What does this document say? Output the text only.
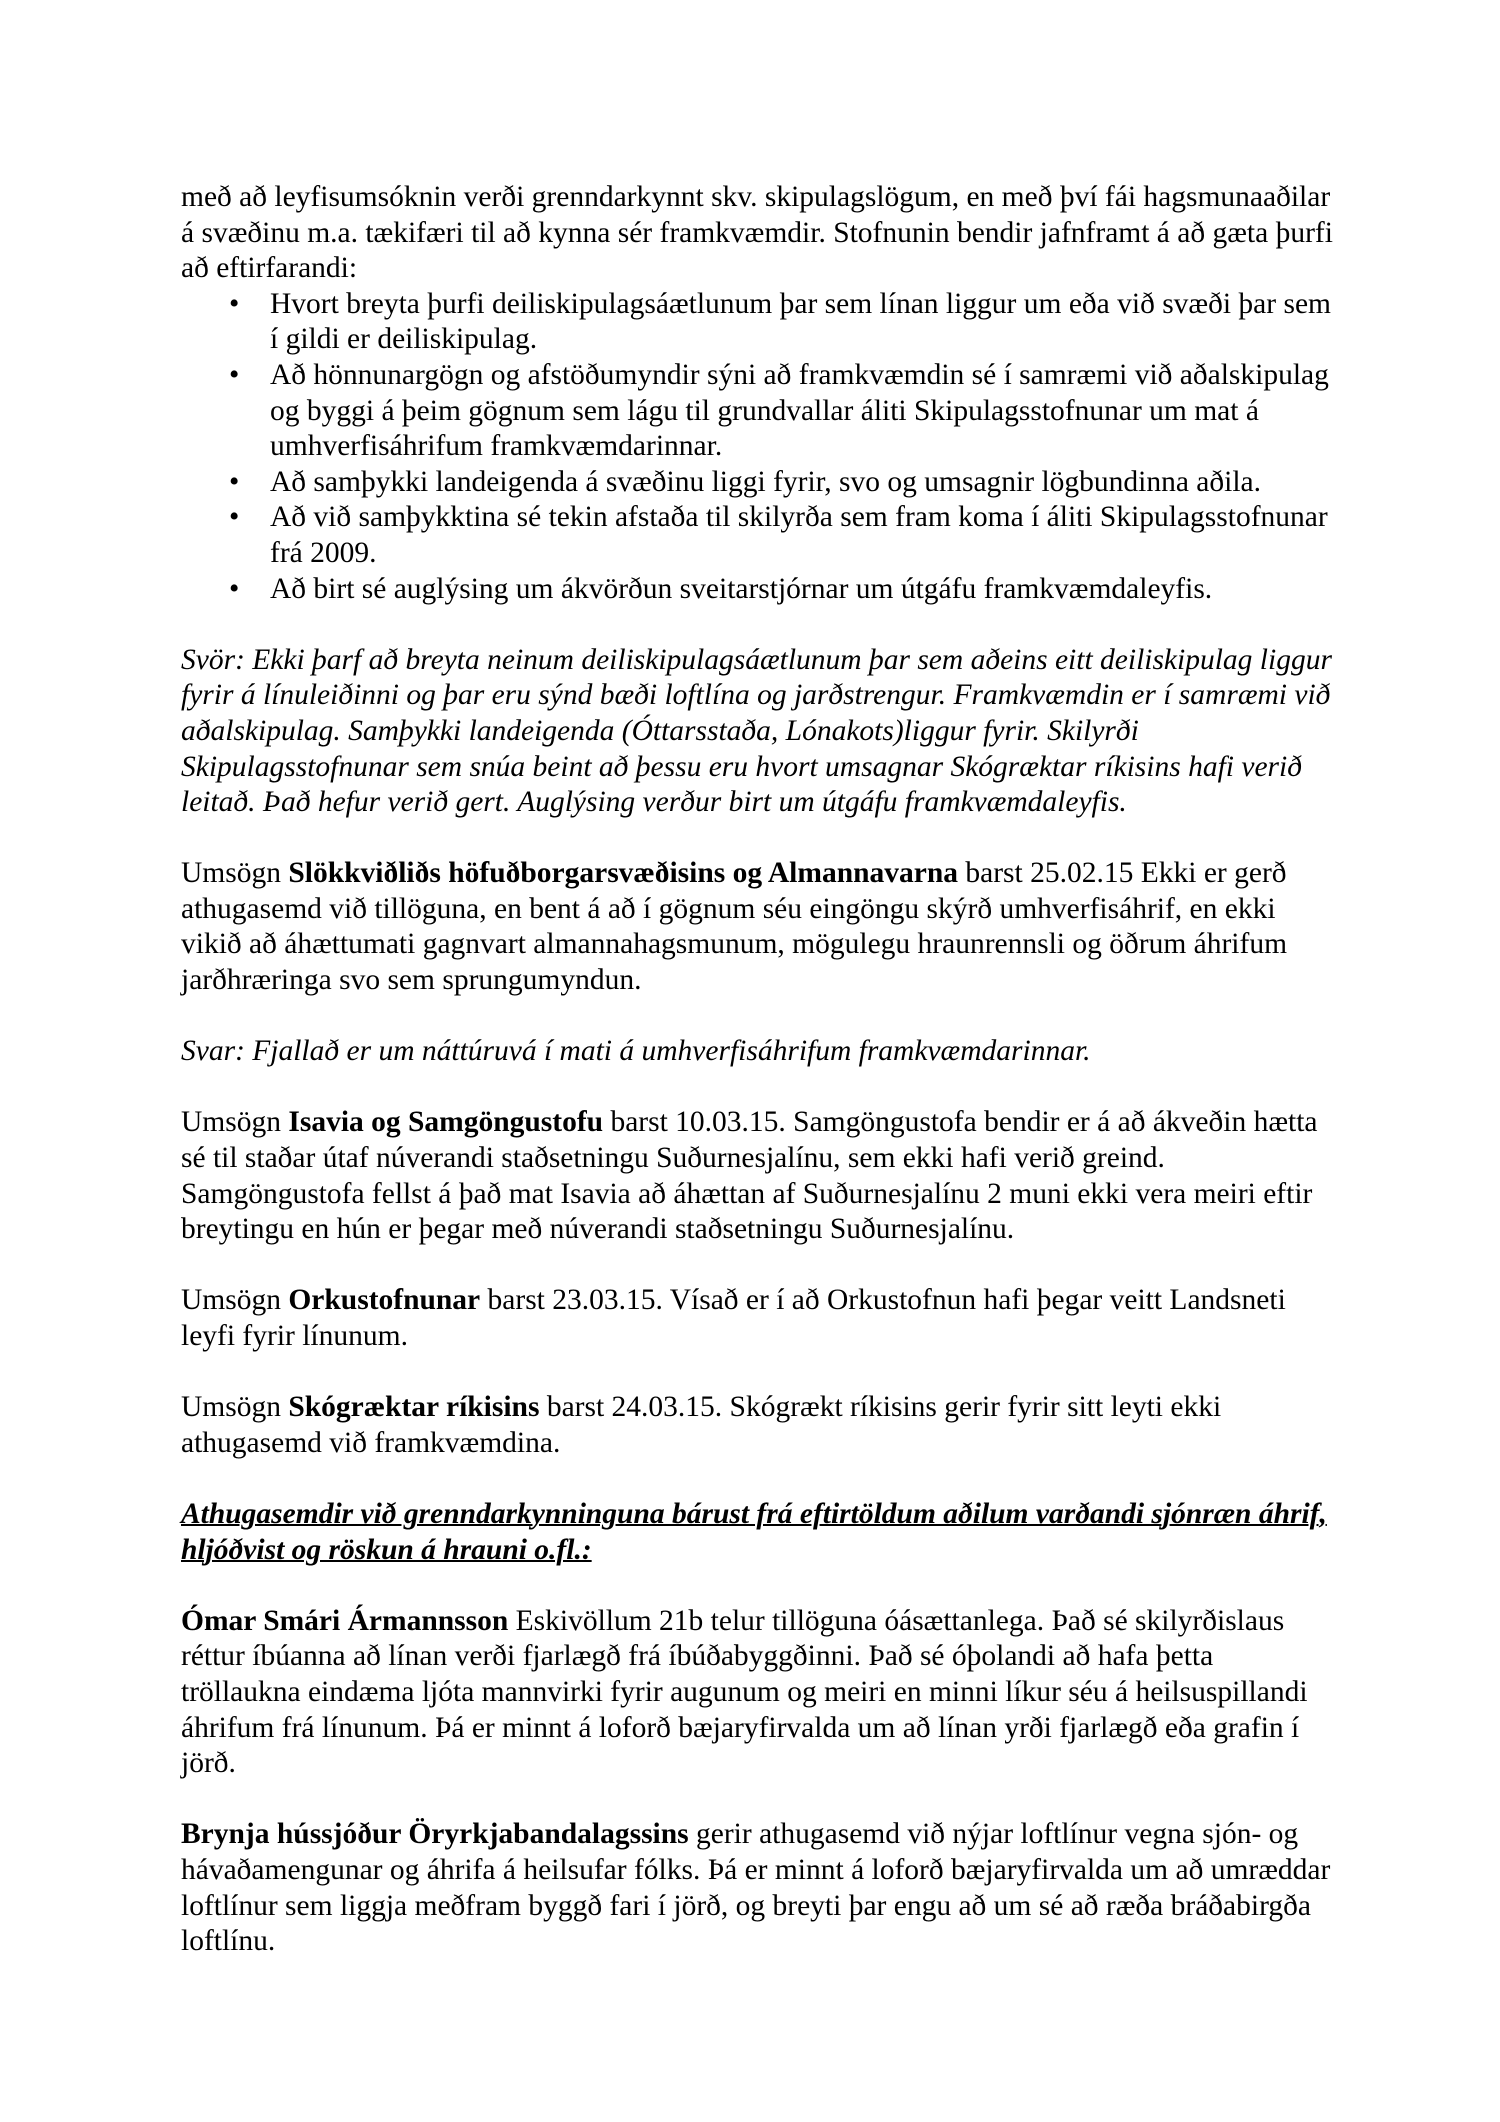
með að leyfisumsóknin verði grenndarkynnt skv. skipulagslögum, en með því fái hagsmunaaðilar á svæðinu m.a. tækifæri til að kynna sér framkvæmdir. Stofnunin bendir jafnframt á að gæta þurfi að eftirfarandi:

• Hvort breyta þurfi deiliskipulagsáætlunum þar sem línan liggur um eða við svæði þar sem í gildi er deiliskipulag.
• Að hönnunargögn og afstöðumyndir sýni að framkvæmdin sé í samræmi við aðalskipulag og byggi á þeim gögnum sem lágu til grundvallar áliti Skipulagsstofnunar um mat á umhverfisáhrifum framkvæmdarinnar.
• Að samþykki landeigenda á svæðinu liggi fyrir, svo og umsagnir lögbundinna aðila.
• Að við samþykktina sé tekin afstaða til skilyrða sem fram koma í áliti Skipulagsstofnunar frá 2009.
• Að birt sé auglýsing um ákvörðun sveitarstjórnar um útgáfu framkvæmdaleyfis.

Svör: Ekki þarf að breyta neinum deiliskipulagsáætlunum þar sem aðeins eitt deiliskipulag liggur fyrir á línuleiðinni og þar eru sýnd bæði loftlína og jarðstrengur. Framkvæmdin er í samræmi við aðalskipulag. Samþykki landeigenda (Óttarsstaða, Lónakots)liggur fyrir. Skilyrði Skipulagsstofnunar sem snúa beint að þessu eru hvort umsagnar Skógræktar ríkisins hafi verið leitað. Það hefur verið gert. Auglýsing verður birt um útgáfu framkvæmdaleyfis.

Umsögn Slökkviðliðs höfuðborgarsvæðisins og Almannavarna barst 25.02.15 Ekki er gerð athugasemd við tillöguna, en bent á að í gögnum séu eingöngu skýrð umhverfisáhrif, en ekki vikið að áhættumati gagnvart almannahagsmunum, mögulegu hraunrennsli og öðrum áhrifum jarðhræringa svo sem sprungumyndun.

Svar: Fjallað er um náttúruvá í mati á umhverfisáhrifum framkvæmdarinnar.

Umsögn Isavia og Samgöngustofu barst 10.03.15. Samgöngustofa bendir er á að ákveðin hætta sé til staðar útaf núverandi staðsetningu Suðurnesjalínu, sem ekki hafi verið greind. Samgöngustofa fellst á það mat Isavia að áhættan af Suðurnesjalínu 2 muni ekki vera meiri eftir breytingu en hún er þegar með núverandi staðsetningu Suðurnesjalínu.

Umsögn Orkustofnunar barst 23.03.15. Vísað er í að Orkustofnun hafi þegar veitt Landsneti leyfi fyrir línunum.

Umsögn Skógræktar ríkisins barst 24.03.15. Skógrækt ríkisins gerir fyrir sitt leyti ekki athugasemd við framkvæmdina.

Athugasemdir við grenndarkynninguna bárust frá eftirtöldum aðilum varðandi sjónræn áhrif, hljóðvist og röskun á hrauni o.fl.:

Ómar Smári Ármannsson Eskivöllum 21b telur tillöguna óásættanlega. Það sé skilyrðislaus réttur íbúanna að línan verði fjarlægð frá íbúðabyggðinni. Það sé óþolandi að hafa þetta tröllaukna eindæma ljóta mannvirki fyrir augunum og meiri en minni líkur séu á heilsuspillandi áhrifum frá línunum. Þá er minnt á loforð bæjaryfirvalda um að línan yrði fjarlægð eða grafin í jörð.

Brynja hússjóður Öryrkjabandalagssins gerir athugasemd við nýjar loftlínur vegna sjón- og hávaðamengunar og áhrifa á heilsufar fólks. Þá er minnt á loforð bæjaryfirvalda um að umræddar loftlínur sem liggja meðfram byggð fari í jörð, og breyti þar engu að um sé að ræða bráðabirgða loftlínu.
